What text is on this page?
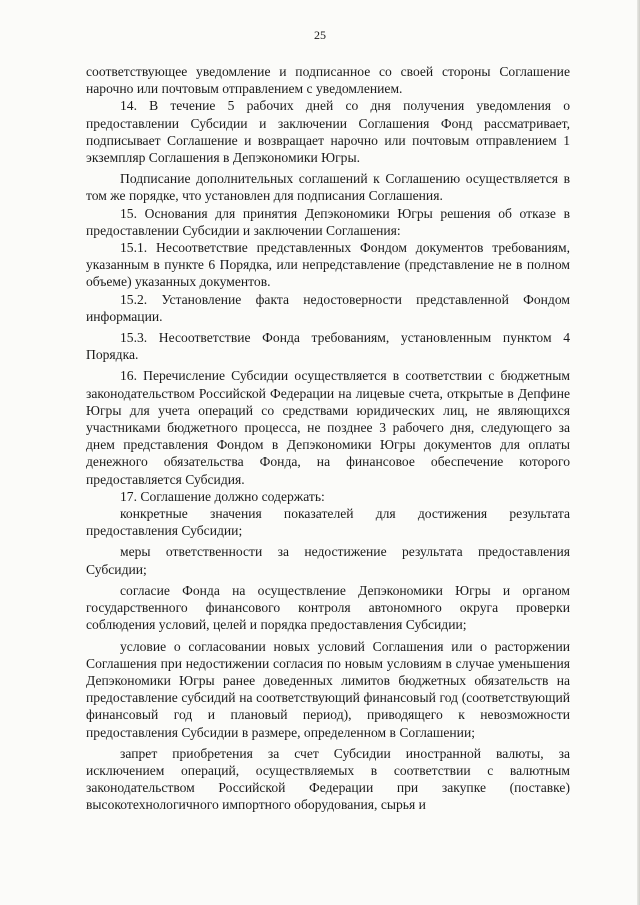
25

соответствующее уведомление и подписанное со своей стороны Соглашение нарочно или почтовым отправлением с уведомлением.

14. В течение 5 рабочих дней со дня получения уведомления о предоставлении Субсидии и заключении Соглашения Фонд рассматривает, подписывает Соглашение и возвращает нарочно или почтовым отправлением 1 экземпляр Соглашения в Депэкономики Югры.

Подписание дополнительных соглашений к Соглашению осуществляется в том же порядке, что установлен для подписания Соглашения.

15. Основания для принятия Депэкономики Югры решения об отказе в предоставлении Субсидии и заключении Соглашения:

15.1. Несоответствие представленных Фондом документов требованиям, указанным в пункте 6 Порядка, или непредставление (представление не в полном объеме) указанных документов.

15.2. Установление факта недостоверности представленной Фондом информации.

15.3. Несоответствие Фонда требованиям, установленным пунктом 4 Порядка.

16. Перечисление Субсидии осуществляется в соответствии с бюджетным законодательством Российской Федерации на лицевые счета, открытые в Депфине Югры для учета операций со средствами юридических лиц, не являющихся участниками бюджетного процесса, не позднее 3 рабочего дня, следующего за днем представления Фондом в Депэкономики Югры документов для оплаты денежного обязательства Фонда, на финансовое обеспечение которого предоставляется Субсидия.

17. Соглашение должно содержать:

конкретные значения показателей для достижения результата предоставления Субсидии;

меры ответственности за недостижение результата предоставления Субсидии;

согласие Фонда на осуществление Депэкономики Югры и органом государственного финансового контроля автономного округа проверки соблюдения условий, целей и порядка предоставления Субсидии;

условие о согласовании новых условий Соглашения или о расторжении Соглашения при недостижении согласия по новым условиям в случае уменьшения Депэкономики Югры ранее доведенных лимитов бюджетных обязательств на предоставление субсидий на соответствующий финансовый год (соответствующий финансовый год и плановый период), приводящего к невозможности предоставления Субсидии в размере, определенном в Соглашении;

запрет приобретения за счет Субсидии иностранной валюты, за исключением операций, осуществляемых в соответствии с валютным законодательством Российской Федерации при закупке (поставке) высокотехнологичного импортного оборудования, сырья и
